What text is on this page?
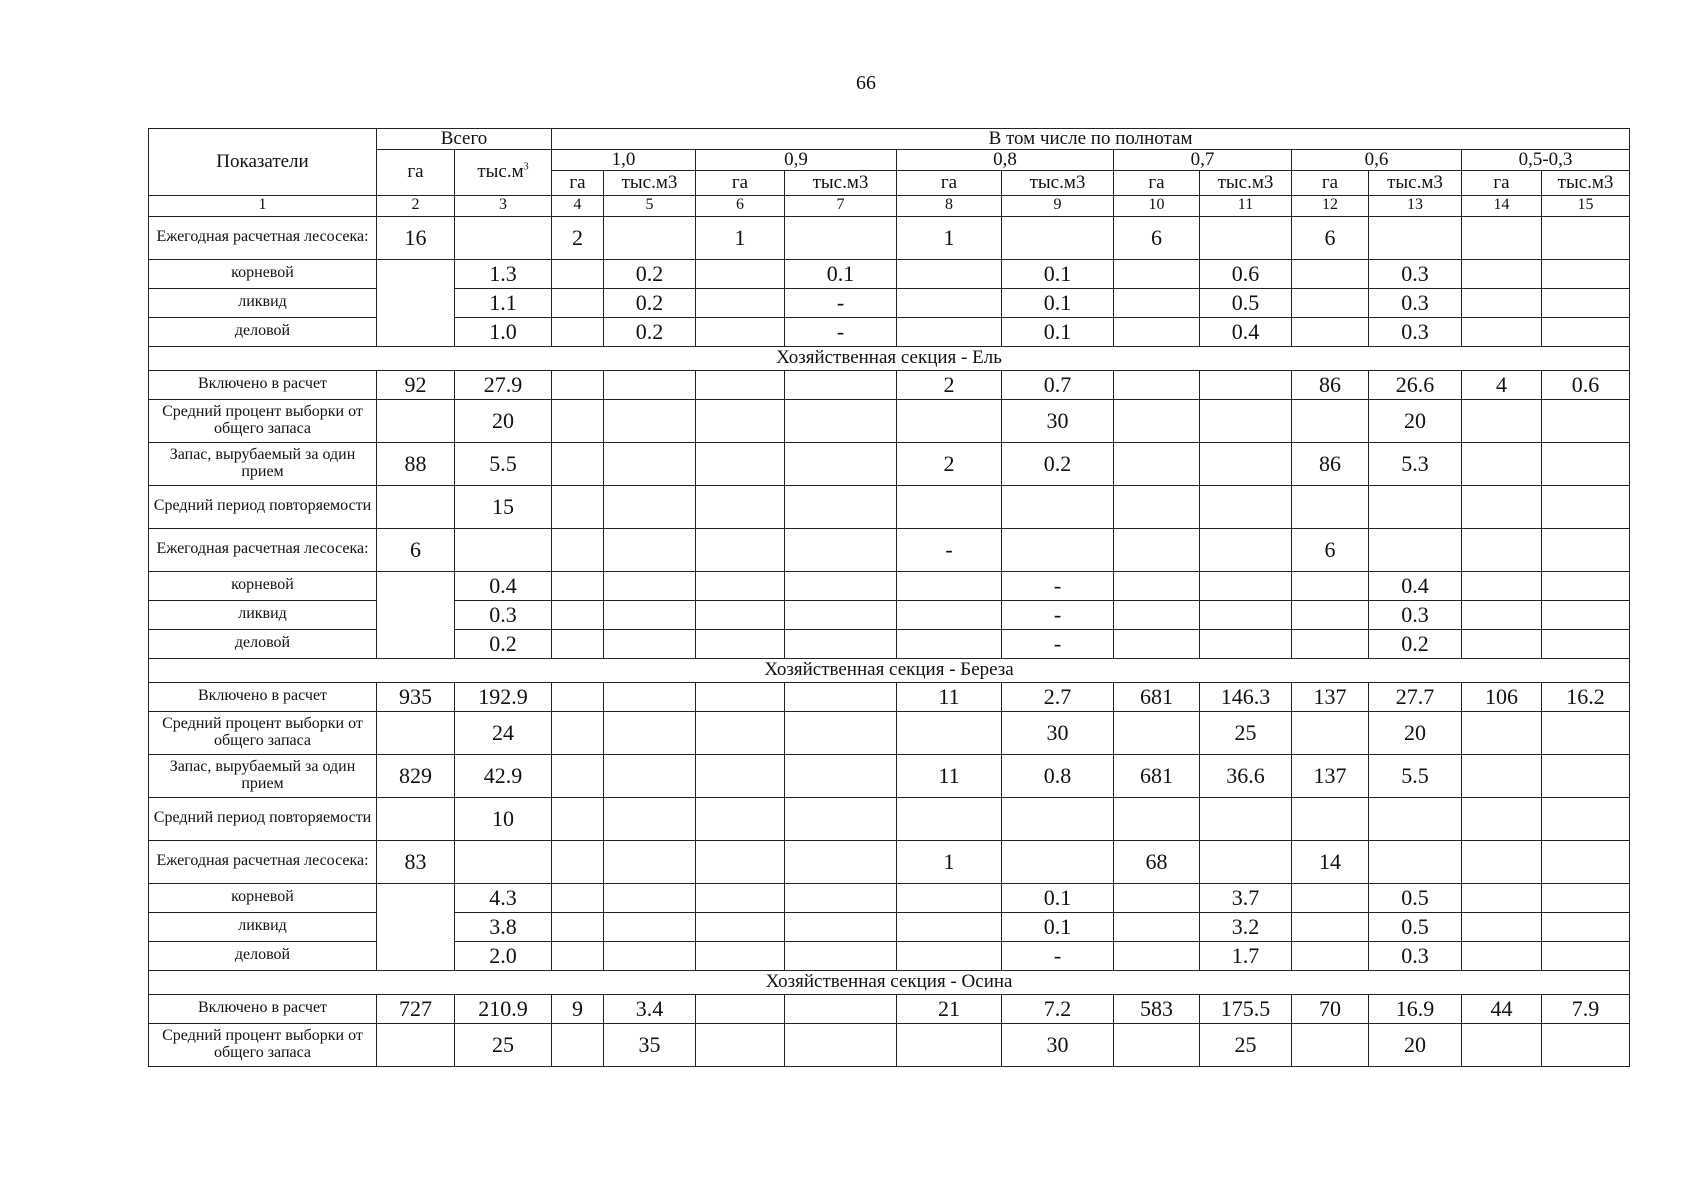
66
Показатели	Всего		В том числе по полнотам											
	га	$тыс.м^3$	1,0		0,9		0,8		0,7		0,6		0,5-0,3	
			га	тыс.м3	га	тыс.м3	га	тыс.м3	га	тыс.м3	га	тыс.м3	га	тыс.м3
1	2	3	4	5	6	7	8	9	10	11	12	13	14	15
Ежегодная расчетная лесосека:	16		2		1		1		6		6			
корневой		1.3		0.2		0.1		0.1		0.6		0.3		
ликвид		1.1		0.2		-		0.1		0.5		0.3		
деловой		1.0		0.2		-		0.1		0.4		0.3		
Хозяйственная секция - Ель														
Включено в расчет	92	27.9					2	0.7			86	26.6	4	0.6
Средний процент выборки от общего запаса		20						30				20		
Запас, вырубаемый за один прием	88	5.5					2	0.2			86	5.3		
Средний период повторяемости		15												
Ежегодная расчетная лесосека:	6						-				6			
корневой		0.4						-				0.4		
ликвид		0.3						-				0.3		
деловой		0.2						-				0.2		
Хозяйственная секция - Береза														
Включено в расчет	935	192.9					11	2.7	681	146.3	137	27.7	106	16.2
Средний процент выборки от общего запаса		24						30		25		20		
Запас, вырубаемый за один прием	829	42.9					11	0.8	681	36.6	137	5.5		
Средний период повторяемости		10												
Ежегодная расчетная лесосека:	83						1		68		14			
корневой		4.3						0.1		3.7		0.5		
ликвид		3.8						0.1		3.2		0.5		
деловой		2.0						-		1.7		0.3		
Хозяйственная секция - Осина														
Включено в расчет	727	210.9	9	3.4			21	7.2	583	175.5	70	16.9	44	7.9
Средний процент выборки от общего запаса		25		35				30		25		20		
